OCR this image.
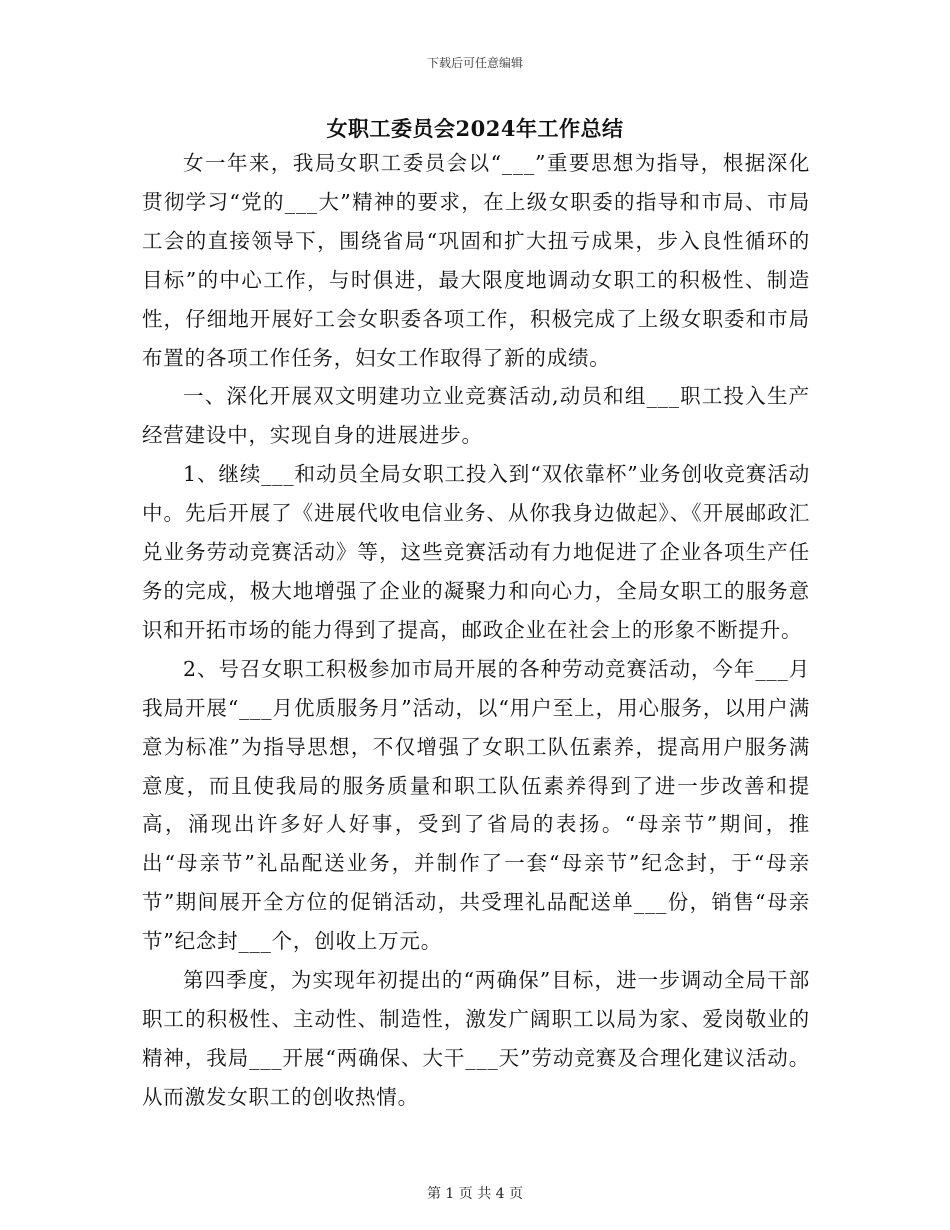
下载后可任意编辑
女职工委员会2024年工作总结

女一年来，我局女职工委员会以“___”重要思想为指导，根据深化贯彻学习“党的___大”精神的要求，在上级女职委的指导和市局、市局工会的直接领导下，围绕省局“巩固和扩大扭亏成果，步入良性循环的目标”的中心工作，与时俱进，最大限度地调动女职工的积极性、制造性，仔细地开展好工会女职委各项工作，积极完成了上级女职委和市局布置的各项工作任务，妇女工作取得了新的成绩。

一、深化开展双文明建功立业竞赛活动,动员和组___职工投入生产经营建设中，实现自身的进展进步。

1、继续___和动员全局女职工投入到“双依靠杯”业务创收竞赛活动中。先后开展了《进展代收电信业务、从你我身边做起》、《开展邮政汇兑业务劳动竞赛活动》等，这些竞赛活动有力地促进了企业各项生产任务的完成，极大地增强了企业的凝聚力和向心力，全局女职工的服务意识和开拓市场的能力得到了提高，邮政企业在社会上的形象不断提升。

2、号召女职工积极参加市局开展的各种劳动竞赛活动，今年___月我局开展“___月优质服务月”活动，以“用户至上，用心服务，以用户满意为标准”为指导思想，不仅增强了女职工队伍素养，提高用户服务满意度，而且使我局的服务质量和职工队伍素养得到了进一步改善和提高，涌现出许多好人好事，受到了省局的表扬。“母亲节”期间，推出“母亲节”礼品配送业务，并制作了一套“母亲节”纪念封，于“母亲节”期间展开全方位的促销活动，共受理礼品配送单___份，销售“母亲节”纪念封___个，创收上万元。

第四季度，为实现年初提出的“两确保”目标，进一步调动全局干部职工的积极性、主动性、制造性，激发广阔职工以局为家、爱岗敬业的精神，我局___开展“两确保、大干___天”劳动竞赛及合理化建议活动。从而激发女职工的创收热情。

第 1 页 共 4 页
